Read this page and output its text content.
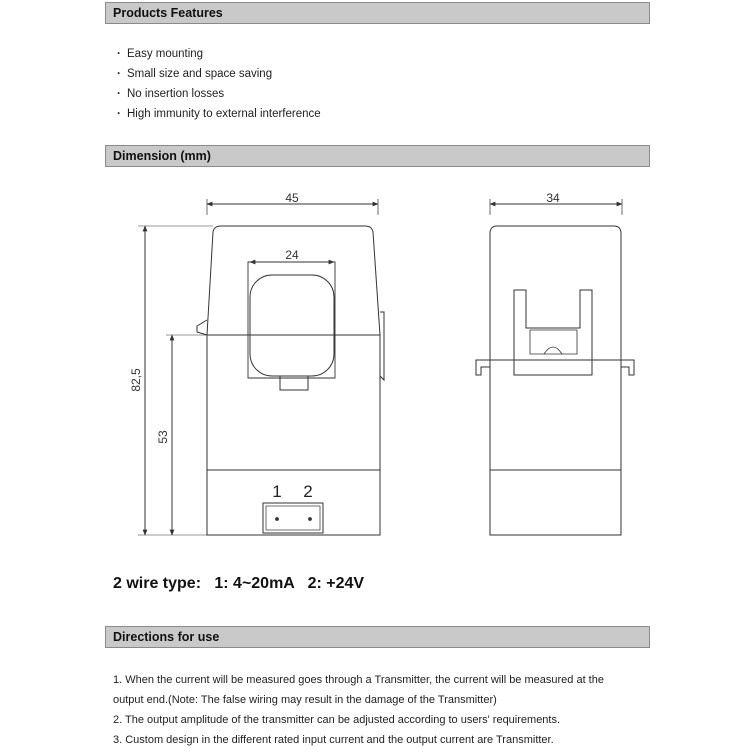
Products Features
· Easy mounting
· Small size and space saving
· No insertion losses
· High immunity to external interference
Dimension (mm)
45
24
34
82,5
53
1 2
2 wire type:   1: 4~20mA   2: +24V
Directions for use

1. When the current will be measured goes through a Transmitter, the current will be measured at the

output end.(Note: The false wiring may result in the damage of the Transmitter)

2. The output amplitude of the transmitter can be adjusted according to users' requirements.

3. Custom design in the different rated input current and the output current are Transmitter.
